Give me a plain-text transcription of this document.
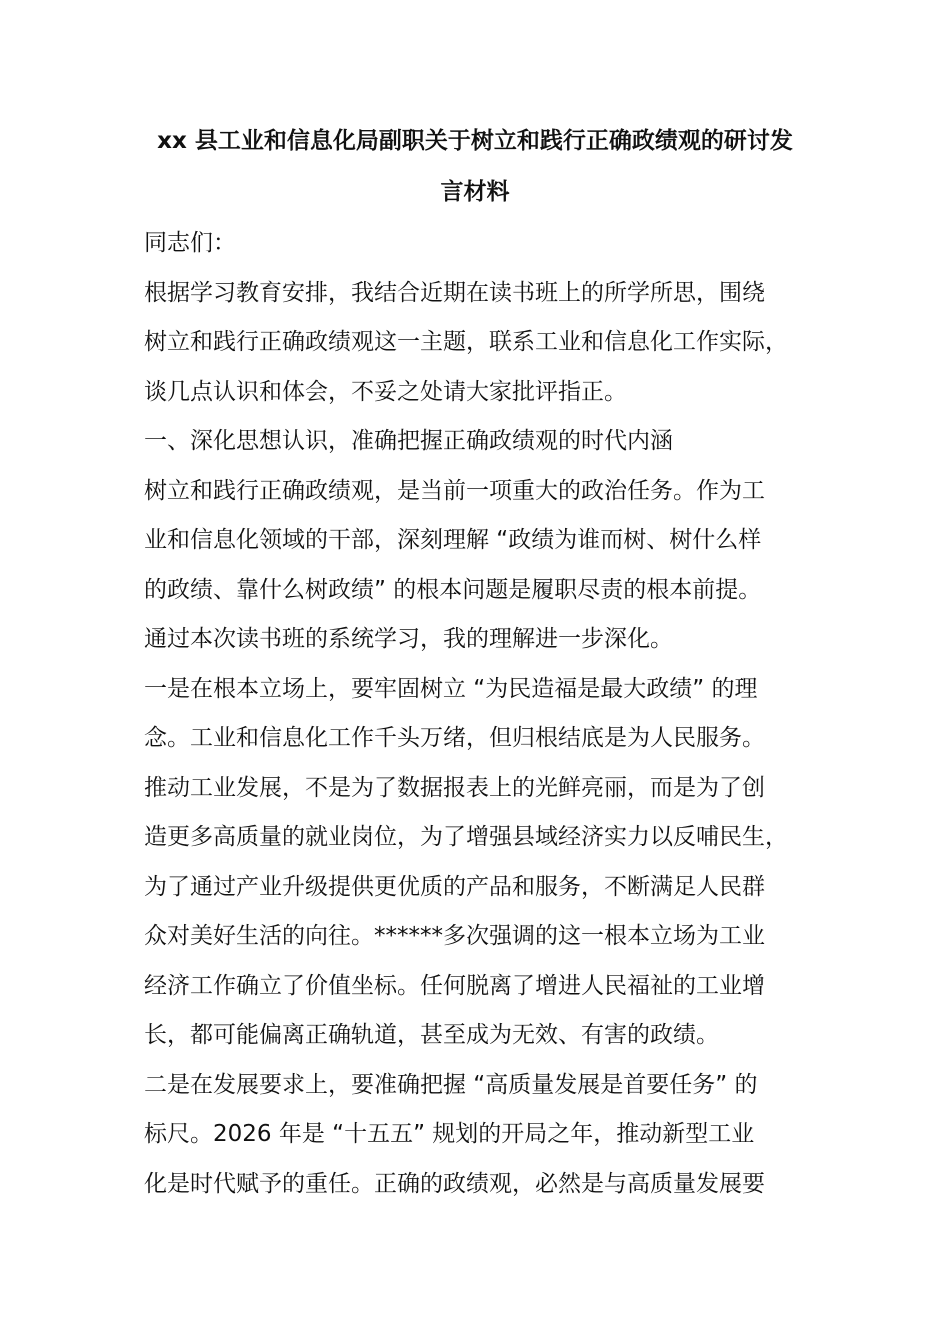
xx 县工业和信息化局副职关于树立和践行正确政绩观的研讨发

言材料

同志们：

根据学习教育安排，我结合近期在读书班上的所学所思，围绕

树立和践行正确政绩观这一主题，联系工业和信息化工作实际，

谈几点认识和体会，不妥之处请大家批评指正。

一、深化思想认识，准确把握正确政绩观的时代内涵

树立和践行正确政绩观，是当前一项重大的政治任务。作为工

业和信息化领域的干部，深刻理解 “政绩为谁而树、树什么样

的政绩、靠什么树政绩” 的根本问题是履职尽责的根本前提。

通过本次读书班的系统学习，我的理解进一步深化。

一是在根本立场上，要牢固树立 “为民造福是最大政绩” 的理

念。工业和信息化工作千头万绪，但归根结底是为人民服务。

推动工业发展，不是为了数据报表上的光鲜亮丽，而是为了创

造更多高质量的就业岗位，为了增强县域经济实力以反哺民生，

为了通过产业升级提供更优质的产品和服务，不断满足人民群

众对美好生活的向往。******多次强调的这一根本立场为工业

经济工作确立了价值坐标。任何脱离了增进人民福祉的工业增

长，都可能偏离正确轨道，甚至成为无效、有害的政绩。

二是在发展要求上，要准确把握 “高质量发展是首要任务” 的

标尺。2026 年是 “十五五” 规划的开局之年，推动新型工业

化是时代赋予的重任。正确的政绩观，必然是与高质量发展要
